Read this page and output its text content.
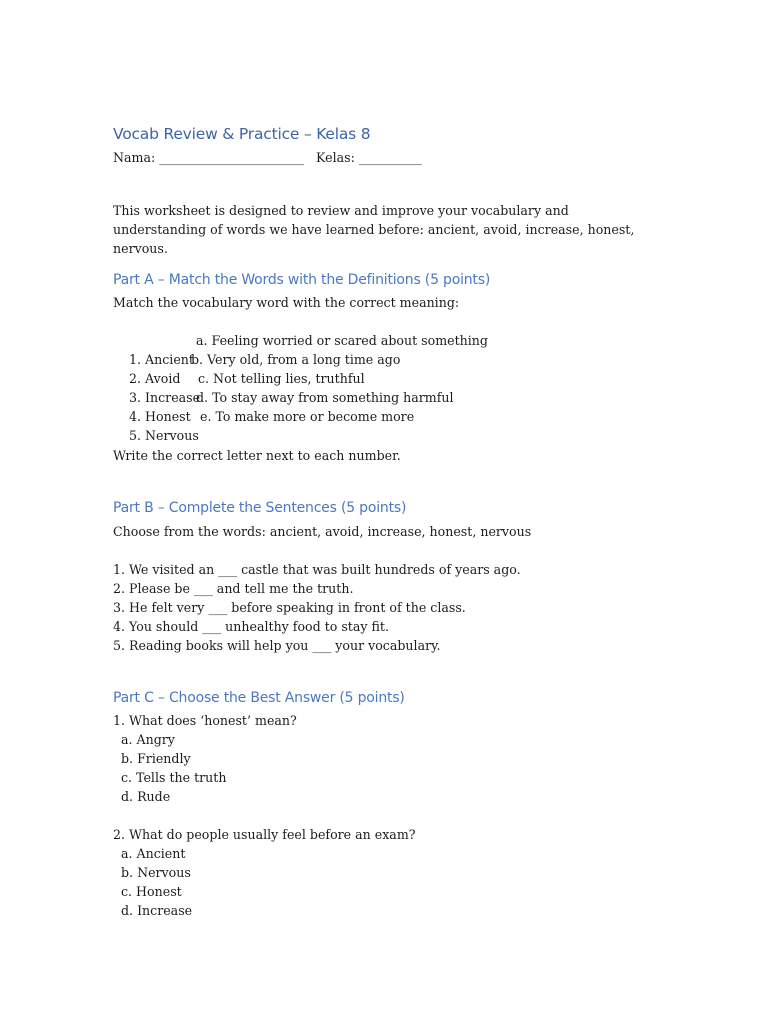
Vocab Review & Practice – Kelas 8
Nama: _______________________   Kelas: __________
This worksheet is designed to review and improve your vocabulary and understanding of words we have learned before: ancient, avoid, increase, honest, nervous.
Part A – Match the Words with the Definitions (5 points)
Match the vocabulary word with the correct meaning:

1. Ancient
a. Feeling worried or scared about something

2. Avoid
b. Very old, from a long time ago

3. Increase
c. Not telling lies, truthful

4. Honest
d. To stay away from something harmful

5. Nervous
e. To make more or become more

Write the correct letter next to each number.
Part B – Complete the Sentences (5 points)
Choose from the words: ancient, avoid, increase, honest, nervous
1. We visited an ___ castle that was built hundreds of years ago.
2. Please be ___ and tell me the truth.
3. He felt very ___ before speaking in front of the class.
4. You should ___ unhealthy food to stay fit.
5. Reading books will help you ___ your vocabulary.
Part C – Choose the Best Answer (5 points)
1. What does ‘honest’ mean?
a. Angry
b. Friendly
c. Tells the truth
d. Rude
2. What do people usually feel before an exam?
a. Ancient
b. Nervous
c. Honest
d. Increase
